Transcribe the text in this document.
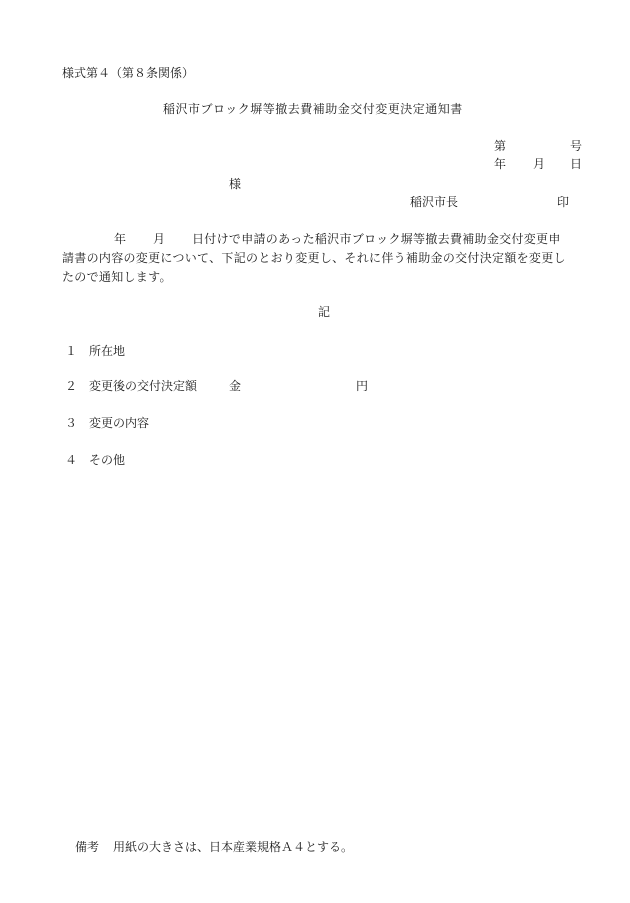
様式第４（第８条関係）
稲沢市ブロック塀等撤去費補助金交付変更決定通知書
第	号
年 月 日
様
稲沢市長	印
年 月 日付けで申請のあった稲沢市ブロック塀等撤去費補助金交付変更申
請書の内容の変更について、下記のとおり変更し、それに伴う補助金の交付決定額を変更し
たので通知します。
記
１ 所在地
２ 変更後の交付決定額	金	円
３ 変更の内容
４ その他
備考 用紙の大きさは、日本産業規格Ａ４とする。
